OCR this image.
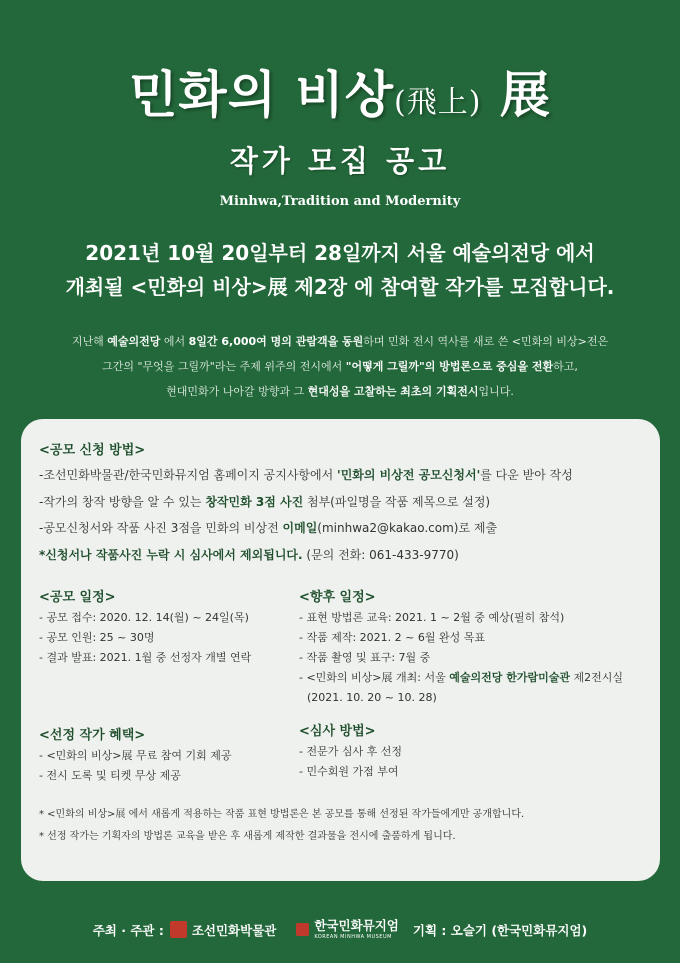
민화의 비상(飛上) 展
작가 모집 공고
Minhwa,Tradition and Modernity
2021년 10월 20일부터 28일까지 서울 예술의전당 에서
개최될 <민화의 비상>展 제2장 에 참여할 작가를 모집합니다.
지난해 예술의전당 에서 8일간 6,000여 명의 관람객을 동원하며 민화 전시 역사를 새로 쓴 <민화의 비상>전은
그간의 "무엇을 그릴까"라는 주제 위주의 전시에서 "어떻게 그릴까"의 방법론으로 중심을 전환하고,
현대민화가 나아갈 방향과 그 현대성을 고찰하는 최초의 기획전시입니다.
<공모 신청 방법>
-조선민화박물관/한국민화뮤지엄 홈페이지 공지사항에서 '민화의 비상전 공모신청서'를 다운 받아 작성
-작가의 창작 방향을 알 수 있는 창작민화 3점 사진 첨부(파일명을 작품 제목으로 설정)
-공모신청서와 작품 사진 3점을 민화의 비상전 이메일(minhwa2@kakao.com)로 제출
*신청서나 작품사진 누락 시 심사에서 제외됩니다. (문의 전화: 061-433-9770)
<공모 일정>
- 공모 접수: 2020. 12. 14(월) ~ 24일(목)
- 공모 인원: 25 ~ 30명
- 결과 발표: 2021. 1월 중 선정자 개별 연락
<선정 작가 혜택>
- <민화의 비상>展 무료 참여 기회 제공
- 전시 도록 및 티켓 무상 제공
<향후 일정>
- 표현 방법론 교육: 2021. 1 ~ 2월 중 예상(필히 참석)
- 작품 제작: 2021. 2 ~ 6월 완성 목표
- 작품 촬영 및 표구: 7월 중
- <민화의 비상>展 개최: 서울 예술의전당 한가람미술관 제2전시실
(2021. 10. 20 ~ 10. 28)
<심사 방법>
- 전문가 심사 후 선정
- 민수회원 가점 부여
* <민화의 비상>展 에서 새롭게 적용하는 작품 표현 방법론은 본 공모를 통해 선정된 작가들에게만 공개합니다.
* 선정 작가는 기획자의 방법론 교육을 받은 후 새롭게 제작한 결과물을 전시에 출품하게 됩니다.
주최 · 주관 : 조선민화박물관	한국민화뮤지엄
KOREAN MINHWA MUSEUM	기획 : 오슬기 (한국민화뮤지엄)
